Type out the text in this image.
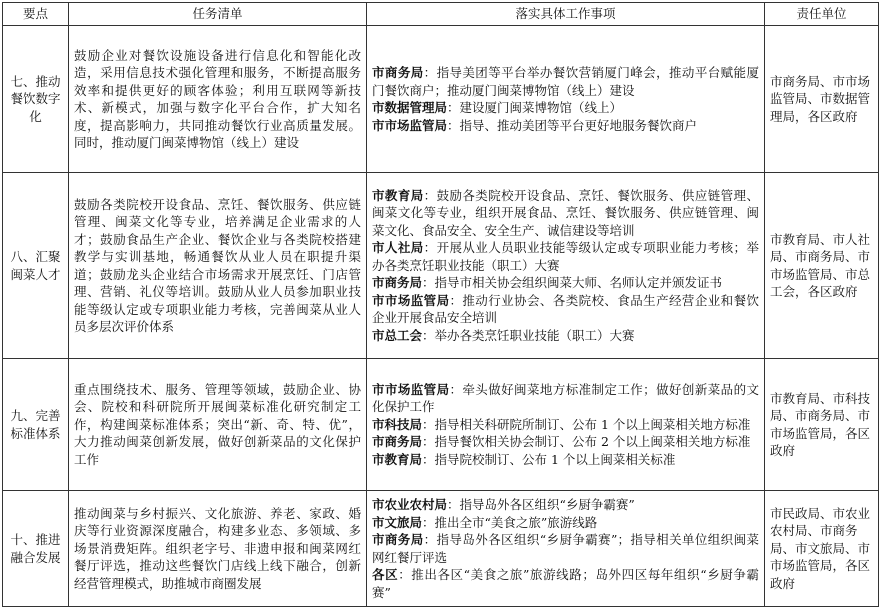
要点	任务清单	落实具体工作事项	责任单位
七、推动餐饮数字化	鼓励企业对餐饮设施设备进行信息化和智能化改造，采用信息技术强化管理和服务，不断提高服务效率和提供更好的顾客体验；利用互联网等新技术、新模式，加强与数字化平台合作，扩大知名度，提高影响力，共同推动餐饮行业高质量发展。同时，推动厦门闽菜博物馆（线上）建设	市商务局：指导美团等平台举办餐饮营销厦门峰会，推动平台赋能厦门餐饮商户；推动厦门闽菜博物馆（线上）建设
市数据管理局：建设厦门闽菜博物馆（线上）
市市场监管局：指导、推动美团等平台更好地服务餐饮商户	市商务局、市市场监管局、市数据管理局，各区政府
八、汇聚闽菜人才	鼓励各类院校开设食品、烹饪、餐饮服务、供应链管理、闽菜文化等专业，培养满足企业需求的人才；鼓励食品生产企业、餐饮企业与各类院校搭建教学与实训基地，畅通餐饮从业人员在职提升渠道；鼓励龙头企业结合市场需求开展烹饪、门店管理、营销、礼仪等培训。鼓励从业人员参加职业技能等级认定或专项职业能力考核，完善闽菜从业人员多层次评价体系	市教育局：鼓励各类院校开设食品、烹饪、餐饮服务、供应链管理、闽菜文化等专业，组织开展食品、烹饪、餐饮服务、供应链管理、闽菜文化、食品安全、安全生产、诚信建设等培训
市人社局：开展从业人员职业技能等级认定或专项职业能力考核；举办各类烹饪职业技能（职工）大赛
市商务局：指导市相关协会组织闽菜大师、名师认定并颁发证书
市市场监管局：推动行业协会、各类院校、食品生产经营企业和餐饮企业开展食品安全培训
市总工会：举办各类烹饪职业技能（职工）大赛	市教育局、市人社局、市商务局、市市场监管局、市总工会，各区政府
九、完善标准体系	重点围绕技术、服务、管理等领域，鼓励企业、协会、院校和科研院所开展闽菜标准化研究制定工作，构建闽菜标准体系；突出“新、奇、特、优”，大力推动闽菜创新发展，做好创新菜品的文化保护工作	市市场监管局：牵头做好闽菜地方标准制定工作；做好创新菜品的文化保护工作
市科技局：指导相关科研院所制订、公布 1 个以上闽菜相关地方标准
市商务局：指导餐饮相关协会制订、公布 2 个以上闽菜相关地方标准
市教育局：指导院校制订、公布 1 个以上闽菜相关标准	市教育局、市科技局、市商务局、市市场监管局，各区政府
十、推进融合发展	推动闽菜与乡村振兴、文化旅游、养老、家政、婚庆等行业资源深度融合，构建多业态、多领域、多场景消费矩阵。组织老字号、非遗申报和闽菜网红餐厅评选，推动这些餐饮门店线上线下融合，创新经营管理模式，助推城市商圈发展	市农业农村局：指导岛外各区组织“乡厨争霸赛”
市文旅局：推出全市“美食之旅”旅游线路
市商务局：指导岛外各区组织“乡厨争霸赛”；指导相关单位组织闽菜网红餐厅评选
各区：推出各区“美食之旅”旅游线路；岛外四区每年组织“乡厨争霸赛”	市民政局、市农业农村局、市商务局、市文旅局、市市场监管局，各区政府
